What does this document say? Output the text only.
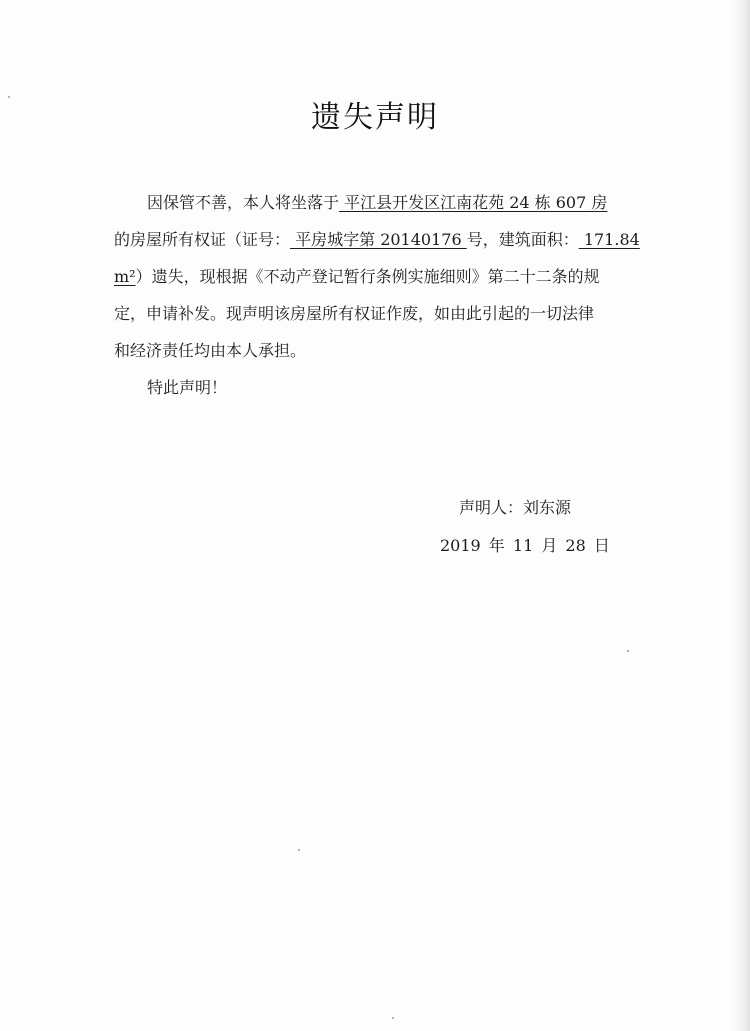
遗失声明

因保管不善，本人将坐落于 平江县开发区江南花苑 24 栋 607 房

的房屋所有权证（证号： 平房城字第 20140176 号，建筑面积： 171.84

m²）遗失，现根据《不动产登记暂行条例实施细则》第二十二条的规

定，申请补发。现声明该房屋所有权证作废，如由此引起的一切法律

和经济责任均由本人承担。

特此声明！

声明人：刘东源
2019 年 11 月 28 日
